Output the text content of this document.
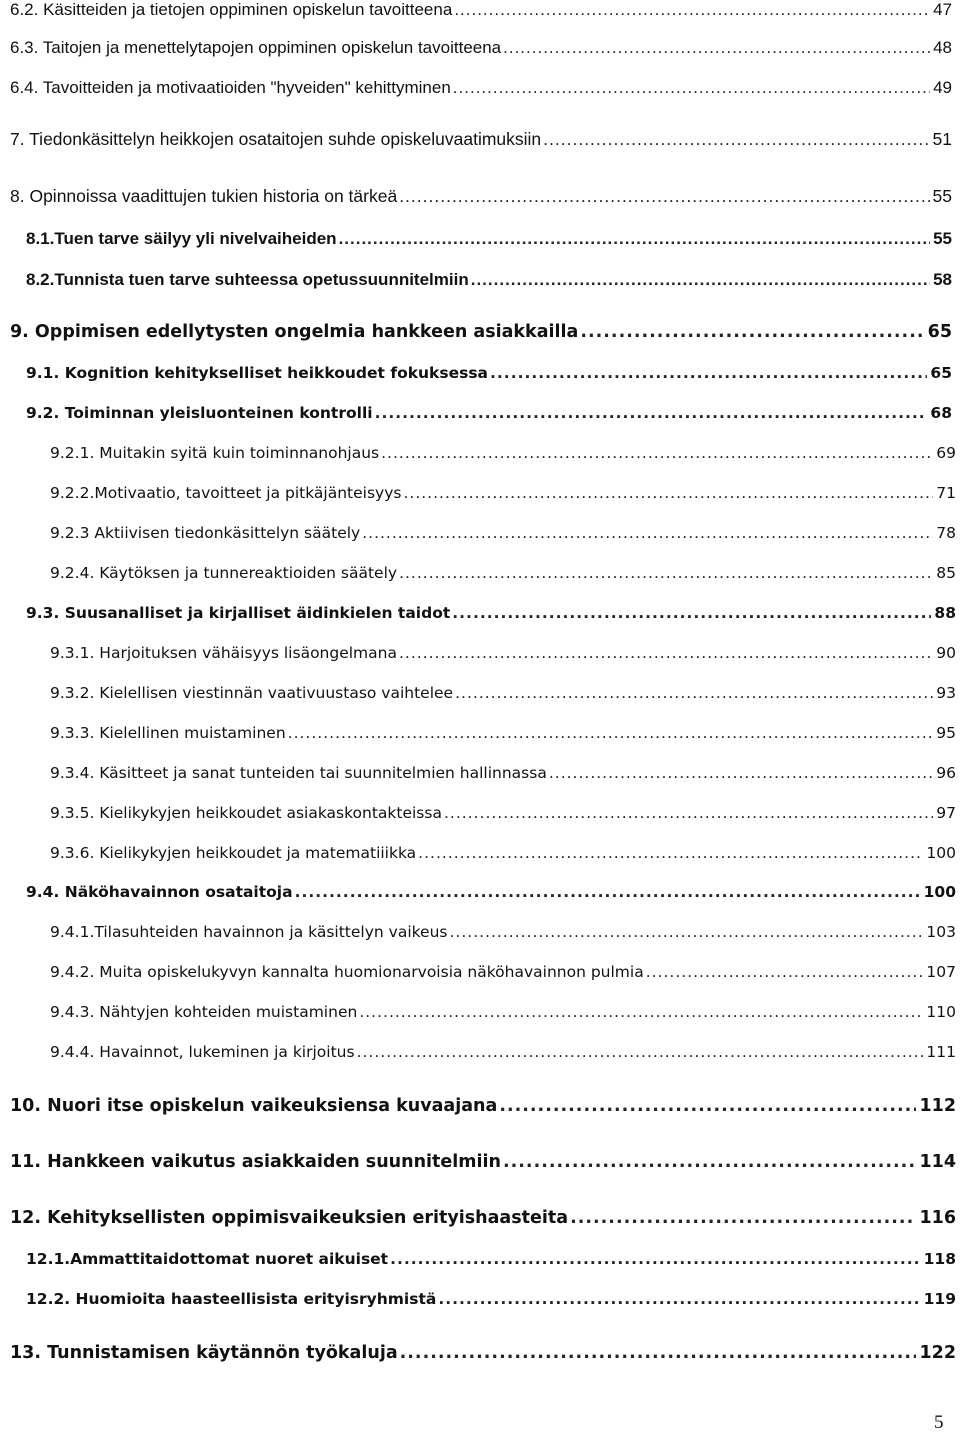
6.2. Käsitteiden ja tietojen oppiminen opiskelun tavoitteena .....	47
6.3. Taitojen ja menettelytapojen oppiminen opiskelun tavoitteena .....	48
6.4. Tavoitteiden ja motivaatioiden "hyveiden" kehittyminen .....	49
7. Tiedonkäsittelyn heikkojen osataitojen suhde opiskeluvaatimuksiin .....	51
8. Opinnoissa vaadittujen tukien historia on tärkeä .....	55
8.1.Tuen tarve säilyy yli nivelvaiheiden .....	55
8.2.Tunnista tuen tarve suhteessa opetussuunnitelmiin .....	58
9. Oppimisen edellytysten ongelmia hankkeen asiakkailla .....	65
9.1. Kognition kehitykselliset heikkoudet fokuksessa .....	65
9.2. Toiminnan yleisluonteinen kontrolli .....	68
9.2.1. Muitakin syitä kuin toiminnanohjaus .....	69
9.2.2.Motivaatio, tavoitteet ja pitkäjänteisyys .....	71
9.2.3 Aktiivisen tiedonkäsittelyn säätely .....	78
9.2.4. Käytöksen ja tunnereaktioiden säätely .....	85
9.3. Suusanalliset ja kirjalliset äidinkielen taidot .....	88
9.3.1. Harjoituksen vähäisyys lisäongelmana .....	90
9.3.2. Kielellisen viestinnän vaativuustaso vaihtelee .....	93
9.3.3. Kielellinen muistaminen .....	95
9.3.4. Käsitteet ja sanat tunteiden tai suunnitelmien hallinnassa .....	96
9.3.5. Kielikykyjen heikkoudet asiakaskontakteissa .....	97
9.3.6. Kielikykyjen heikkoudet ja matematiiikka .....	100
9.4. Näköhavainnon osataitoja .....	100
9.4.1.Tilasuhteiden havainnon ja käsittelyn vaikeus .....	103
9.4.2. Muita opiskelukyvyn kannalta huomionarvoisia näköhavainnon pulmia .....	107
9.4.3. Nähtyjen kohteiden muistaminen .....	110
9.4.4. Havainnot, lukeminen ja kirjoitus .....	111
10. Nuori itse opiskelun vaikeuksiensa kuvaajana .....	112
11. Hankkeen vaikutus asiakkaiden suunnitelmiin .....	114
12. Kehityksellisten oppimisvaikeuksien erityishaasteita .....	116
12.1.Ammattitaidottomat nuoret aikuiset .....	118
12.2. Huomioita haasteellisista erityisryhmistä .....	119
13. Tunnistamisen käytännön työkaluja .....	122
5
